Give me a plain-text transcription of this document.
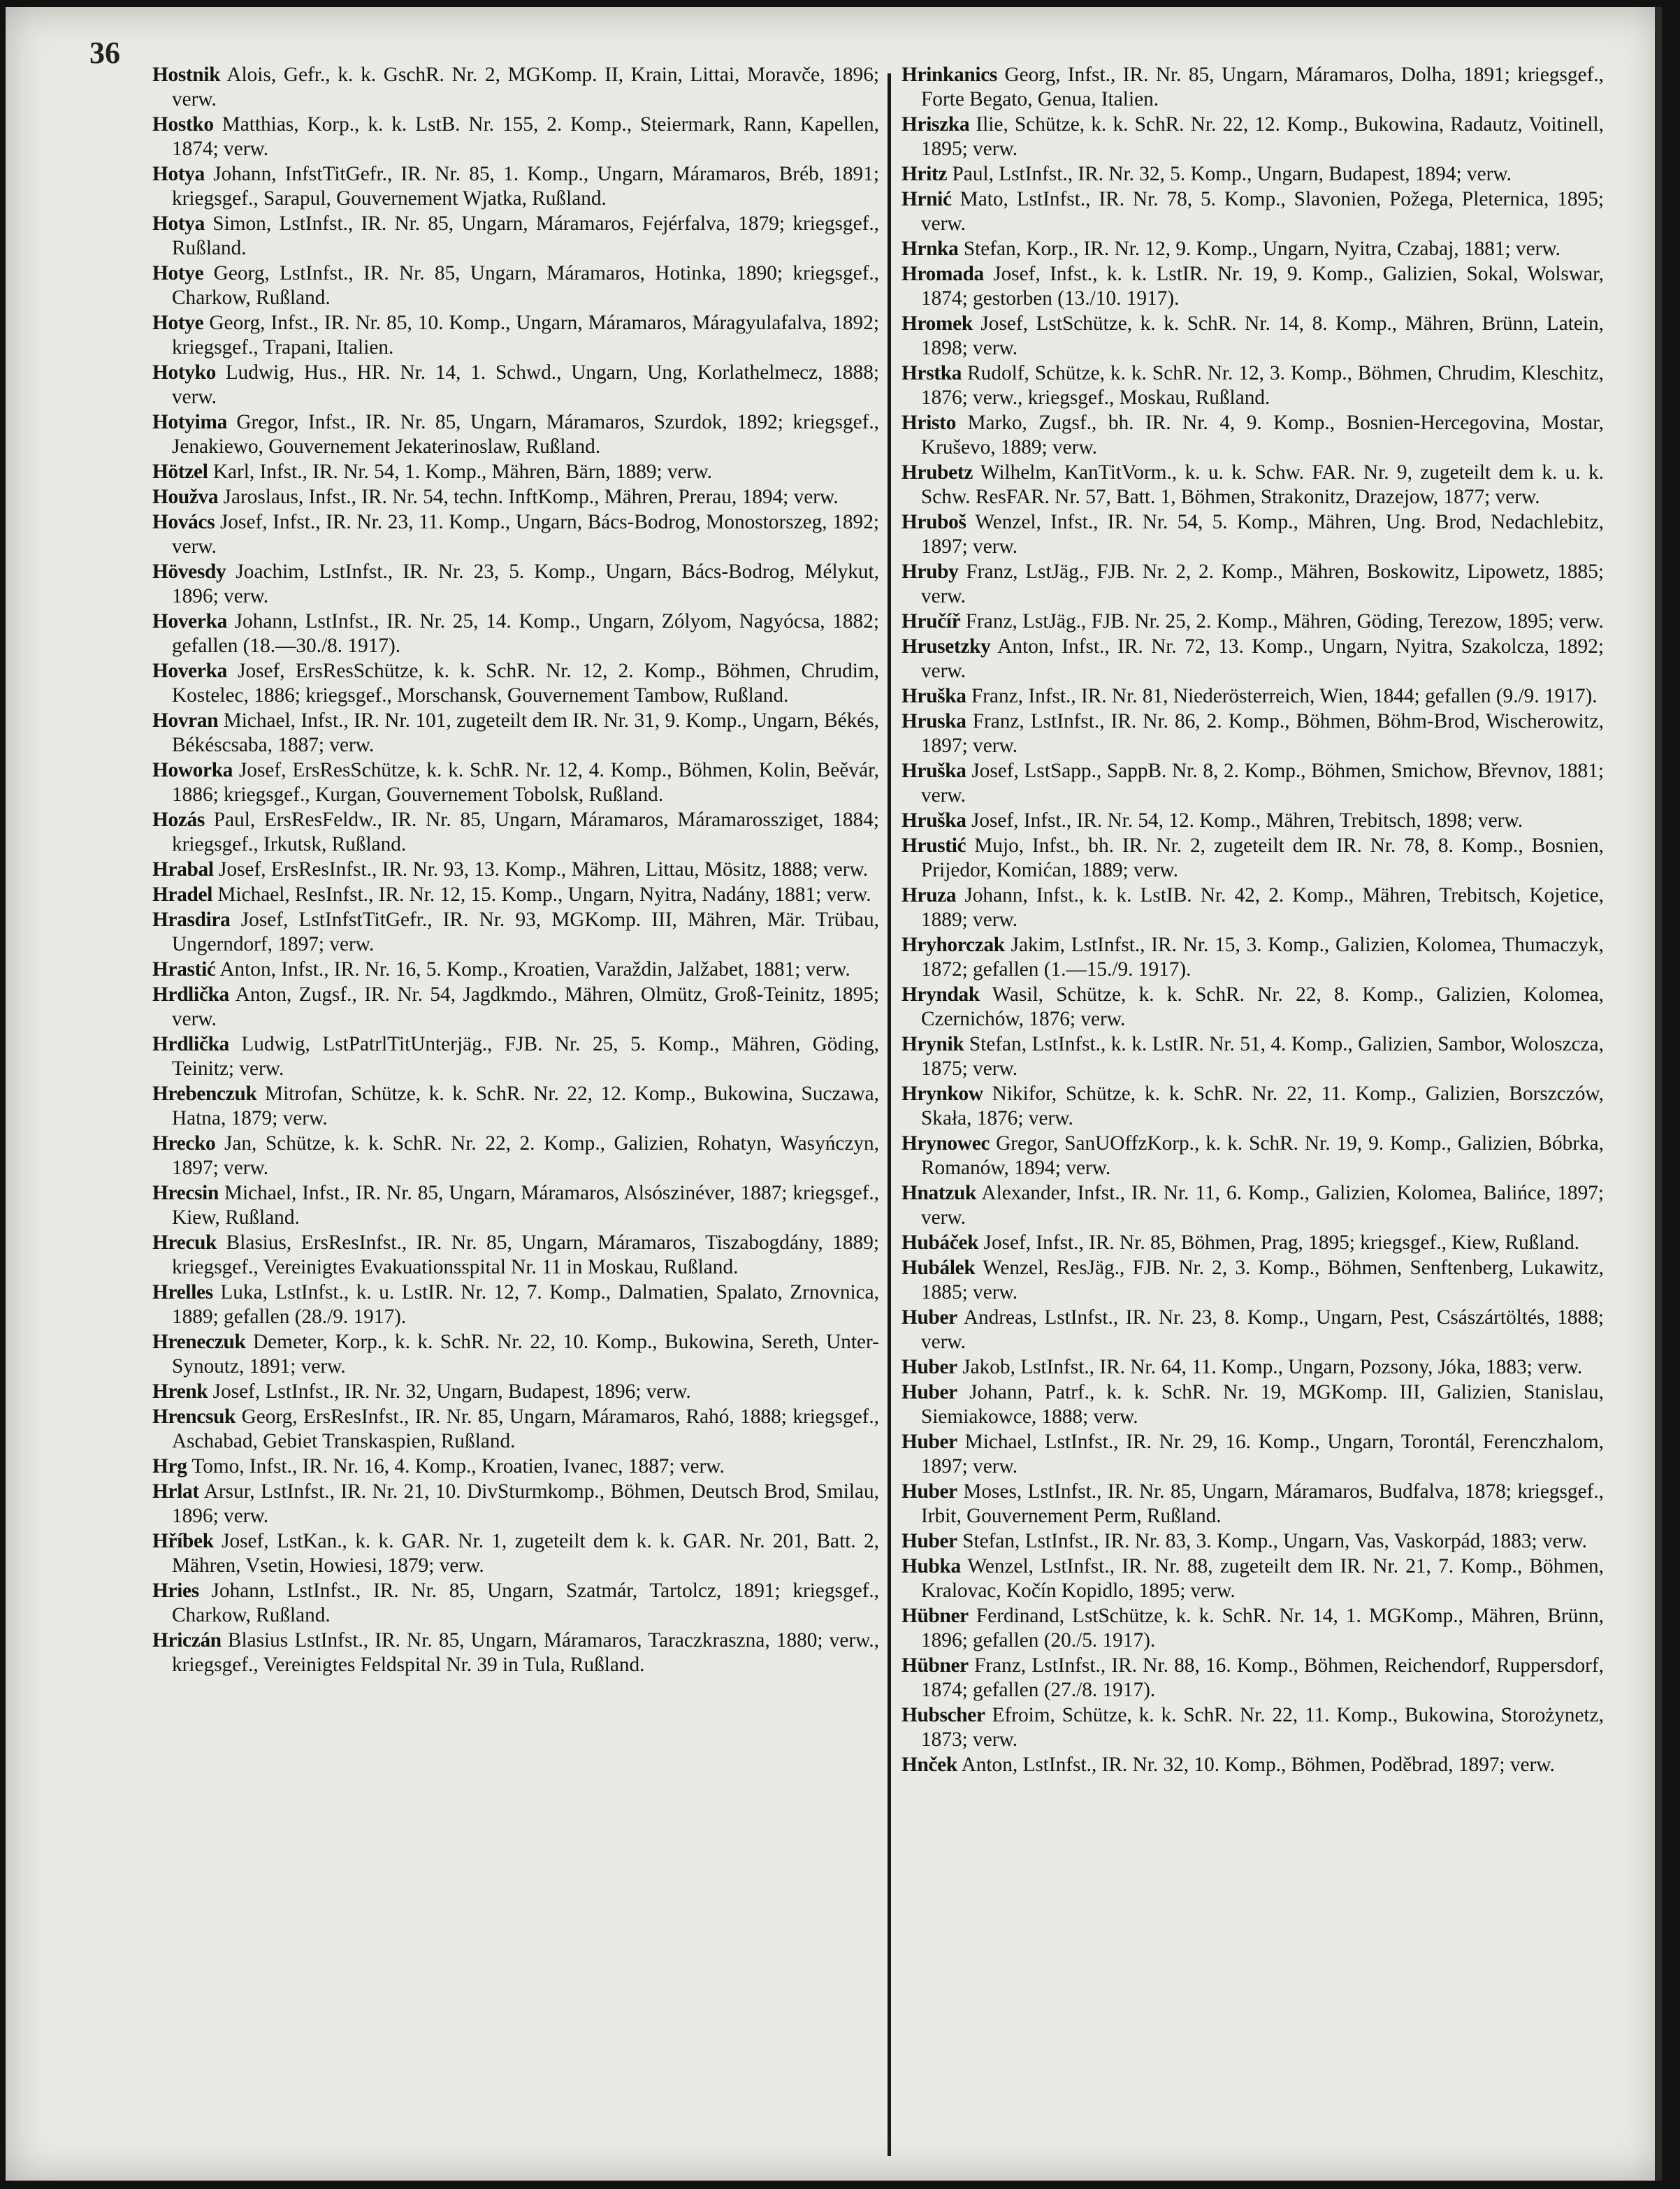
36

Hostnik Alois, Gefr., k. k. GschR. Nr. 2, MGKomp. II, Krain, Littai, Moravče, 1896; verw.

Hostko Matthias, Korp., k. k. LstB. Nr. 155, 2. Komp., Steiermark, Rann, Kapellen, 1874; verw.

Hotya Johann, InfstTitGefr., IR. Nr. 85, 1. Komp., Ungarn, Máramaros, Bréb, 1891; kriegsgef., Sarapul, Gouvernement Wjatka, Rußland.

Hotya Simon, LstInfst., IR. Nr. 85, Ungarn, Máramaros, Fejérfalva, 1879; kriegsgef., Rußland.

Hotye Georg, LstInfst., IR. Nr. 85, Ungarn, Máramaros, Hotinka, 1890; kriegsgef., Charkow, Rußland.

Hotye Georg, Infst., IR. Nr. 85, 10. Komp., Ungarn, Máramaros, Máragyulafalva, 1892; kriegsgef., Trapani, Italien.

Hotyko Ludwig, Hus., HR. Nr. 14, 1. Schwd., Ungarn, Ung, Korlathelmecz, 1888; verw.

Hotyima Gregor, Infst., IR. Nr. 85, Ungarn, Máramaros, Szurdok, 1892; kriegsgef., Jenakiewo, Gouvernement Jekaterinoslaw, Rußland.

Hötzel Karl, Infst., IR. Nr. 54, 1. Komp., Mähren, Bärn, 1889; verw.

Houžva Jaroslaus, Infst., IR. Nr. 54, techn. InftKomp., Mähren, Prerau, 1894; verw.

Hovács Josef, Infst., IR. Nr. 23, 11. Komp., Ungarn, Bács-Bodrog, Monostorszeg, 1892; verw.

Hövesdy Joachim, LstInfst., IR. Nr. 23, 5. Komp., Ungarn, Bács-Bodrog, Mélykut, 1896; verw.

Hoverka Johann, LstInfst., IR. Nr. 25, 14. Komp., Ungarn, Zólyom, Nagyócsa, 1882; gefallen (18.—30./8. 1917).

Hoverka Josef, ErsResSchütze, k. k. SchR. Nr. 12, 2. Komp., Böhmen, Chrudim, Kostelec, 1886; kriegsgef., Morschansk, Gouvernement Tambow, Rußland.

Hovran Michael, Infst., IR. Nr. 101, zugeteilt dem IR. Nr. 31, 9. Komp., Ungarn, Békés, Békéscsaba, 1887; verw.

Howorka Josef, ErsResSchütze, k. k. SchR. Nr. 12, 4. Komp., Böhmen, Kolin, Beěvár, 1886; kriegsgef., Kurgan, Gouvernement Tobolsk, Rußland.

Hozás Paul, ErsResFeldw., IR. Nr. 85, Ungarn, Máramaros, Máramarossziget, 1884; kriegsgef., Irkutsk, Rußland.

Hrabal Josef, ErsResInfst., IR. Nr. 93, 13. Komp., Mähren, Littau, Mösitz, 1888; verw.

Hradel Michael, ResInfst., IR. Nr. 12, 15. Komp., Ungarn, Nyitra, Nadány, 1881; verw.

Hrasdira Josef, LstInfstTitGefr., IR. Nr. 93, MGKomp. III, Mähren, Mär. Trübau, Ungerndorf, 1897; verw.

Hrastić Anton, Infst., IR. Nr. 16, 5. Komp., Kroatien, Varaždin, Jalžabet, 1881; verw.

Hrdlička Anton, Zugsf., IR. Nr. 54, Jagdkmdo., Mähren, Olmütz, Groß-Teinitz, 1895; verw.

Hrdlička Ludwig, LstPatrlTitUnterjäg., FJB. Nr. 25, 5. Komp., Mähren, Göding, Teinitz; verw.

Hrebenczuk Mitrofan, Schütze, k. k. SchR. Nr. 22, 12. Komp., Bukowina, Suczawa, Hatna, 1879; verw.

Hrecko Jan, Schütze, k. k. SchR. Nr. 22, 2. Komp., Galizien, Rohatyn, Wasyńczyn, 1897; verw.

Hrecsin Michael, Infst., IR. Nr. 85, Ungarn, Máramaros, Alsószinéver, 1887; kriegsgef., Kiew, Rußland.

Hrecuk Blasius, ErsResInfst., IR. Nr. 85, Ungarn, Máramaros, Tiszabogdány, 1889; kriegsgef., Vereinigtes Evakuationsspital Nr. 11 in Moskau, Rußland.

Hrelles Luka, LstInfst., k. u. LstIR. Nr. 12, 7. Komp., Dalmatien, Spalato, Zrnovnica, 1889; gefallen (28./9. 1917).

Hreneczuk Demeter, Korp., k. k. SchR. Nr. 22, 10. Komp., Bukowina, Sereth, Unter-Synoutz, 1891; verw.

Hrenk Josef, LstInfst., IR. Nr. 32, Ungarn, Budapest, 1896; verw.

Hrencsuk Georg, ErsResInfst., IR. Nr. 85, Ungarn, Máramaros, Rahó, 1888; kriegsgef., Aschabad, Gebiet Transkaspien, Rußland.

Hrg Tomo, Infst., IR. Nr. 16, 4. Komp., Kroatien, Ivanec, 1887; verw.

Hrlat Arsur, LstInfst., IR. Nr. 21, 10. DivSturmkomp., Böhmen, Deutsch Brod, Smilau, 1896; verw.

Hříbek Josef, LstKan., k. k. GAR. Nr. 1, zugeteilt dem k. k. GAR. Nr. 201, Batt. 2, Mähren, Vsetin, Howiesi, 1879; verw.

Hries Johann, LstInfst., IR. Nr. 85, Ungarn, Szatmár, Tartolcz, 1891; kriegsgef., Charkow, Rußland.

Hriczán Blasius LstInfst., IR. Nr. 85, Ungarn, Máramaros, Taraczkraszna, 1880; verw., kriegsgef., Vereinigtes Feldspital Nr. 39 in Tula, Rußland.

Hrinkanics Georg, Infst., IR. Nr. 85, Ungarn, Máramaros, Dolha, 1891; kriegsgef., Forte Begato, Genua, Italien.

Hriszka Ilie, Schütze, k. k. SchR. Nr. 22, 12. Komp., Bukowina, Radautz, Voitinell, 1895; verw.

Hritz Paul, LstInfst., IR. Nr. 32, 5. Komp., Ungarn, Budapest, 1894; verw.

Hrnić Mato, LstInfst., IR. Nr. 78, 5. Komp., Slavonien, Požega, Pleternica, 1895; verw.

Hrnka Stefan, Korp., IR. Nr. 12, 9. Komp., Ungarn, Nyitra, Czabaj, 1881; verw.

Hromada Josef, Infst., k. k. LstIR. Nr. 19, 9. Komp., Galizien, Sokal, Wolswar, 1874; gestorben (13./10. 1917).

Hromek Josef, LstSchütze, k. k. SchR. Nr. 14, 8. Komp., Mähren, Brünn, Latein, 1898; verw.

Hrstka Rudolf, Schütze, k. k. SchR. Nr. 12, 3. Komp., Böhmen, Chrudim, Kleschitz, 1876; verw., kriegsgef., Moskau, Rußland.

Hristo Marko, Zugsf., bh. IR. Nr. 4, 9. Komp., Bosnien-Hercegovina, Mostar, Kruševo, 1889; verw.

Hrubetz Wilhelm, KanTitVorm., k. u. k. Schw. FAR. Nr. 9, zugeteilt dem k. u. k. Schw. ResFAR. Nr. 57, Batt. 1, Böhmen, Strakonitz, Drazejow, 1877; verw.

Hruboš Wenzel, Infst., IR. Nr. 54, 5. Komp., Mähren, Ung. Brod, Nedachlebitz, 1897; verw.

Hruby Franz, LstJäg., FJB. Nr. 2, 2. Komp., Mähren, Boskowitz, Lipowetz, 1885; verw.

Hručíř Franz, LstJäg., FJB. Nr. 25, 2. Komp., Mähren, Göding, Terezow, 1895; verw.

Hrusetzky Anton, Infst., IR. Nr. 72, 13. Komp., Ungarn, Nyitra, Szakolcza, 1892; verw.

Hruška Franz, Infst., IR. Nr. 81, Niederösterreich, Wien, 1844; gefallen (9./9. 1917).

Hruska Franz, LstInfst., IR. Nr. 86, 2. Komp., Böhmen, Böhm-Brod, Wischerowitz, 1897; verw.

Hruška Josef, LstSapp., SappB. Nr. 8, 2. Komp., Böhmen, Smichow, Břevnov, 1881; verw.

Hruška Josef, Infst., IR. Nr. 54, 12. Komp., Mähren, Trebitsch, 1898; verw.

Hrustić Mujo, Infst., bh. IR. Nr. 2, zugeteilt dem IR. Nr. 78, 8. Komp., Bosnien, Prijedor, Komićan, 1889; verw.

Hruza Johann, Infst., k. k. LstIB. Nr. 42, 2. Komp., Mähren, Trebitsch, Kojetice, 1889; verw.

Hryhorczak Jakim, LstInfst., IR. Nr. 15, 3. Komp., Galizien, Kolomea, Thumaczyk, 1872; gefallen (1.—15./9. 1917).

Hryndak Wasil, Schütze, k. k. SchR. Nr. 22, 8. Komp., Galizien, Kolomea, Czernichów, 1876; verw.

Hrynik Stefan, LstInfst., k. k. LstIR. Nr. 51, 4. Komp., Galizien, Sambor, Woloszcza, 1875; verw.

Hrynkow Nikifor, Schütze, k. k. SchR. Nr. 22, 11. Komp., Galizien, Borszczów, Skała, 1876; verw.

Hrynowec Gregor, SanUOffzKorp., k. k. SchR. Nr. 19, 9. Komp., Galizien, Bóbrka, Romanów, 1894; verw.

Hnatzuk Alexander, Infst., IR. Nr. 11, 6. Komp., Galizien, Kolomea, Balińce, 1897; verw.

Hubáček Josef, Infst., IR. Nr. 85, Böhmen, Prag, 1895; kriegsgef., Kiew, Rußland.

Hubálek Wenzel, ResJäg., FJB. Nr. 2, 3. Komp., Böhmen, Senftenberg, Lukawitz, 1885; verw.

Huber Andreas, LstInfst., IR. Nr. 23, 8. Komp., Ungarn, Pest, Császártöltés, 1888; verw.

Huber Jakob, LstInfst., IR. Nr. 64, 11. Komp., Ungarn, Pozsony, Jóka, 1883; verw.

Huber Johann, Patrf., k. k. SchR. Nr. 19, MGKomp. III, Galizien, Stanislau, Siemiakowce, 1888; verw.

Huber Michael, LstInfst., IR. Nr. 29, 16. Komp., Ungarn, Torontál, Ferenczhalom, 1897; verw.

Huber Moses, LstInfst., IR. Nr. 85, Ungarn, Máramaros, Budfalva, 1878; kriegsgef., Irbit, Gouvernement Perm, Rußland.

Huber Stefan, LstInfst., IR. Nr. 83, 3. Komp., Ungarn, Vas, Vaskorpád, 1883; verw.

Hubka Wenzel, LstInfst., IR. Nr. 88, zugeteilt dem IR. Nr. 21, 7. Komp., Böhmen, Kralovac, Kočín Kopidlo, 1895; verw.

Hübner Ferdinand, LstSchütze, k. k. SchR. Nr. 14, 1. MGKomp., Mähren, Brünn, 1896; gefallen (20./5. 1917).

Hübner Franz, LstInfst., IR. Nr. 88, 16. Komp., Böhmen, Reichendorf, Ruppersdorf, 1874; gefallen (27./8. 1917).

Hubscher Efroim, Schütze, k. k. SchR. Nr. 22, 11. Komp., Bukowina, Storożynetz, 1873; verw.

Hnček Anton, LstInfst., IR. Nr. 32, 10. Komp., Böhmen, Poděbrad, 1897; verw.
